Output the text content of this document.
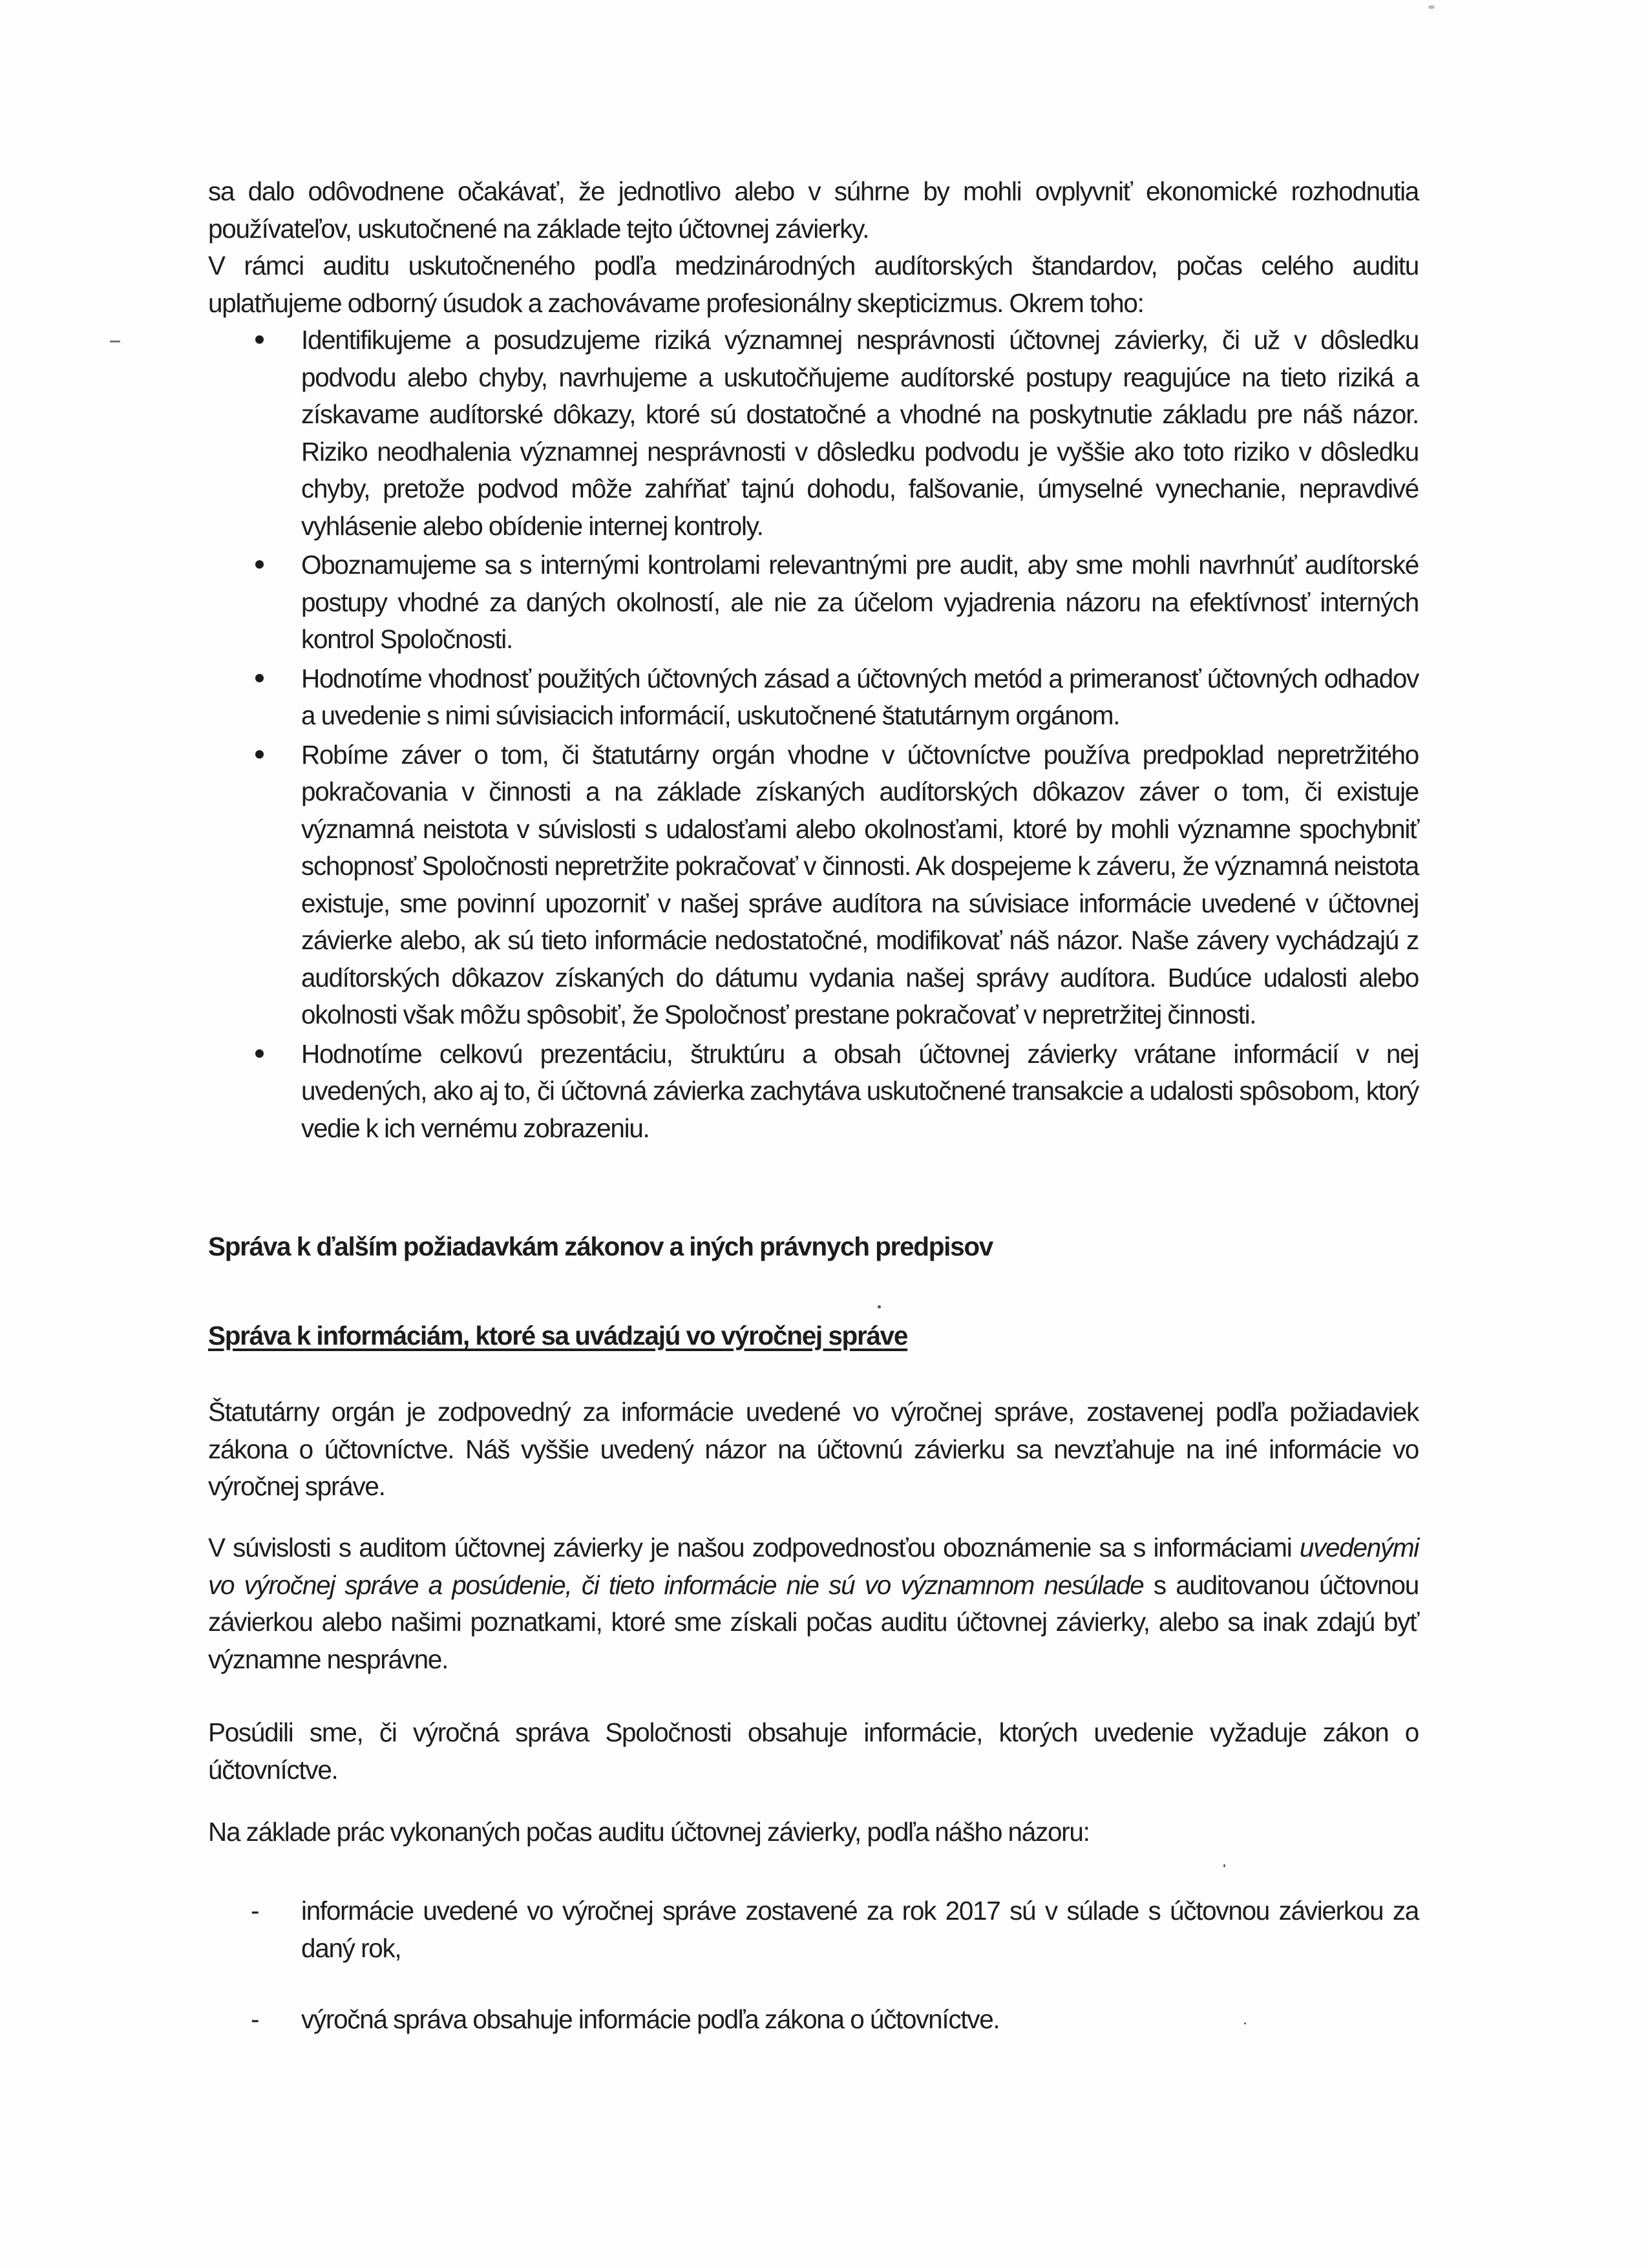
sa dalo odôvodnene očakávať, že jednotlivo alebo v súhrne by mohli ovplyvniť ekonomické rozhodnutia používateľov, uskutočnené na základe tejto účtovnej závierky.

V rámci auditu uskutočneného podľa medzinárodných audítorských štandardov, počas celého auditu uplatňujeme odborný úsudok a zachovávame profesionálny skepticizmus. Okrem toho:

Identifikujeme a posudzujeme riziká významnej nesprávnosti účtovnej závierky, či už v dôsledku podvodu alebo chyby, navrhujeme a uskutočňujeme audítorské postupy reagujúce na tieto riziká a získavame audítorské dôkazy, ktoré sú dostatočné a vhodné na poskytnutie základu pre náš názor. Riziko neodhalenia významnej nesprávnosti v dôsledku podvodu je vyššie ako toto riziko v dôsledku chyby, pretože podvod môže zahŕňať tajnú dohodu, falšovanie, úmyselné vynechanie, nepravdivé vyhlásenie alebo obídenie internej kontroly.
Oboznamujeme sa s internými kontrolami relevantnými pre audit, aby sme mohli navrhnúť audítorské postupy vhodné za daných okolností, ale nie za účelom vyjadrenia názoru na efektívnosť interných kontrol Spoločnosti.
Hodnotíme vhodnosť použitých účtovných zásad a účtovných metód a primeranosť účtovných odhadov a uvedenie s nimi súvisiacich informácií, uskutočnené štatutárnym orgánom.
Robíme záver o tom, či štatutárny orgán vhodne v účtovníctve používa predpoklad nepretržitého pokračovania v činnosti a na základe získaných audítorských dôkazov záver o tom, či existuje významná neistota v súvislosti s udalosťami alebo okolnosťami, ktoré by mohli významne spochybniť schopnosť Spoločnosti nepretržite pokračovať v činnosti. Ak dospejeme k záveru, že významná neistota existuje, sme povinní upozorniť v našej správe audítora na súvisiace informácie uvedené v účtovnej závierke alebo, ak sú tieto informácie nedostatočné, modifikovať náš názor. Naše závery vychádzajú z audítorských dôkazov získaných do dátumu vydania našej správy audítora. Budúce udalosti alebo okolnosti však môžu spôsobiť, že Spoločnosť prestane pokračovať v nepretržitej činnosti.
Hodnotíme celkovú prezentáciu, štruktúru a obsah účtovnej závierky vrátane informácií v nej uvedených, ako aj to, či účtovná závierka zachytáva uskutočnené transakcie a udalosti spôsobom, ktorý vedie k ich vernému zobrazeniu.

Správa k ďalším požiadavkám zákonov a iných právnych predpisov

Správa k informáciám, ktoré sa uvádzajú vo výročnej správe

Štatutárny orgán je zodpovedný za informácie uvedené vo výročnej správe, zostavenej podľa požiadaviek zákona o účtovníctve. Náš vyššie uvedený názor na účtovnú závierku sa nevzťahuje na iné informácie vo výročnej správe.

V súvislosti s auditom účtovnej závierky je našou zodpovednosťou oboznámenie sa s informáciami uvedenými vo výročnej správe a posúdenie, či tieto informácie nie sú vo významnom nesúlade s auditovanou účtovnou závierkou alebo našimi poznatkami, ktoré sme získali počas auditu účtovnej závierky, alebo sa inak zdajú byť významne nesprávne.

Posúdili sme, či výročná správa Spoločnosti obsahuje informácie, ktorých uvedenie vyžaduje zákon o účtovníctve.

Na základe prác vykonaných počas auditu účtovnej závierky, podľa nášho názoru:

- informácie uvedené vo výročnej správe zostavené za rok 2017 sú v súlade s účtovnou závierkou za daný rok,
- výročná správa obsahuje informácie podľa zákona o účtovníctve.
